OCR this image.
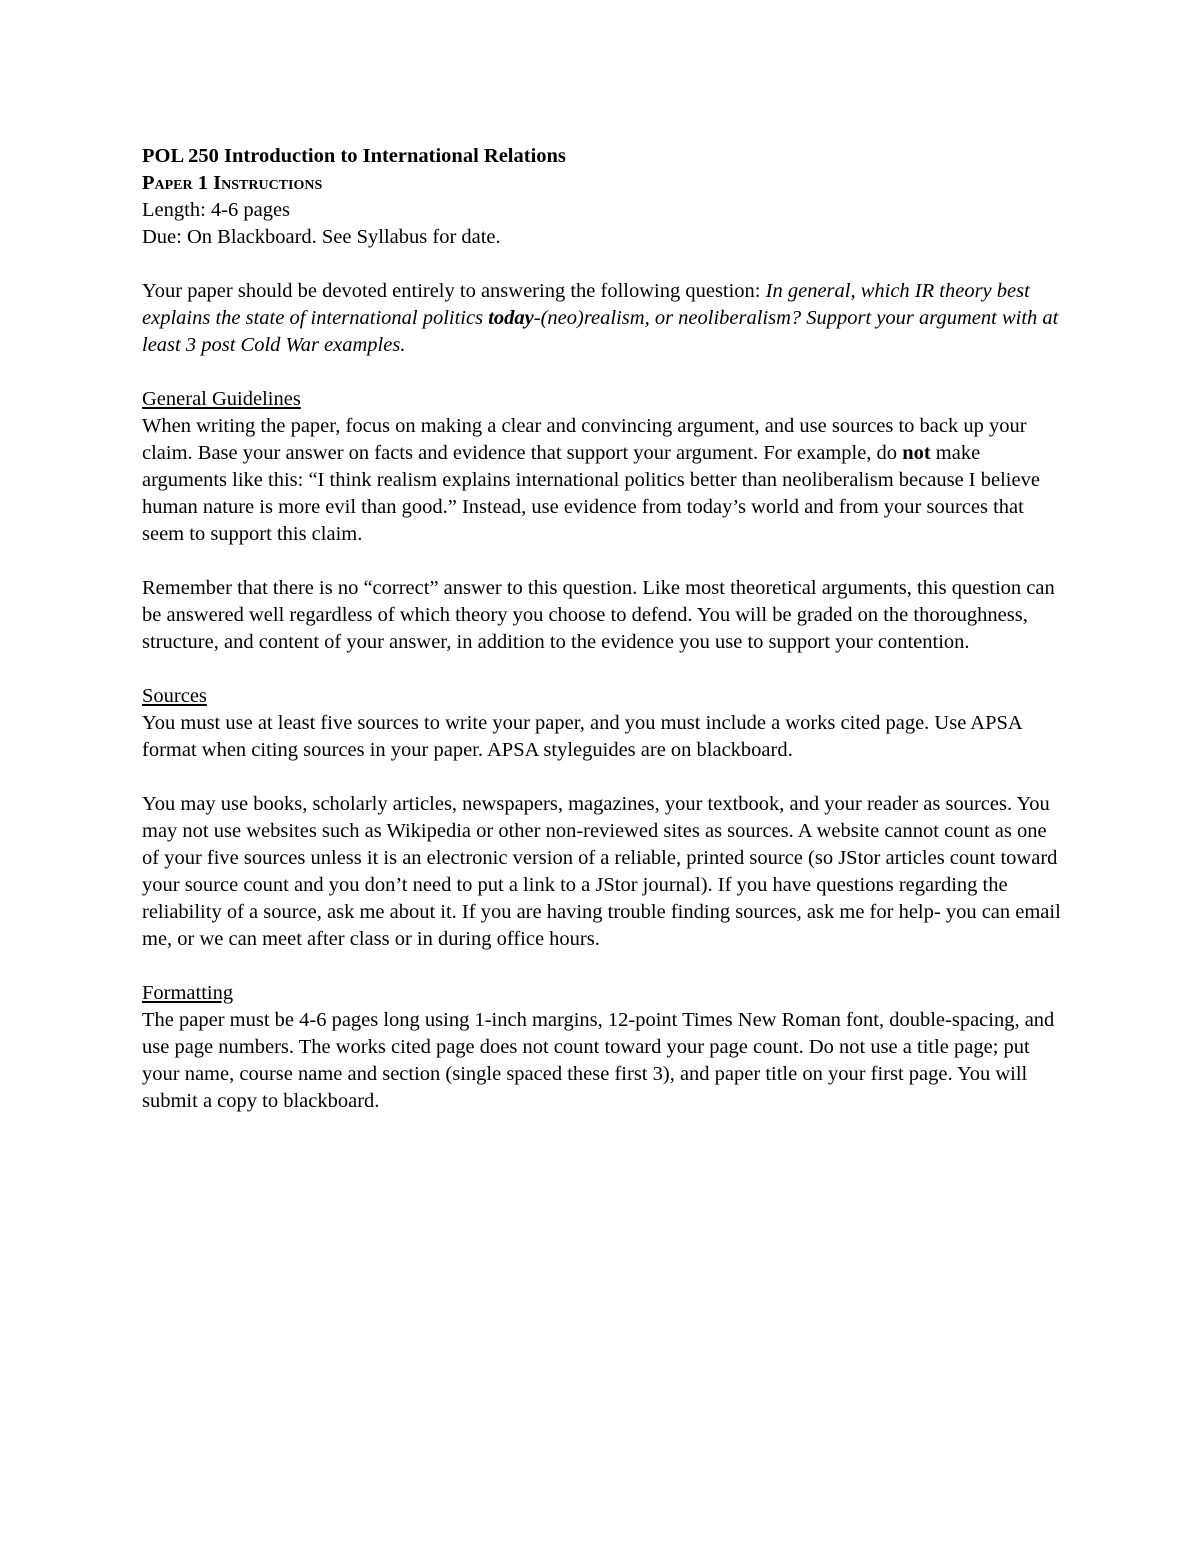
POL 250 Introduction to International Relations

Paper 1 Instructions

Length: 4-6 pages

Due: On Blackboard. See Syllabus for date.

Your paper should be devoted entirely to answering the following question: In general, which IR theory best explains the state of international politics today-(neo)realism, or neoliberalism? Support your argument with at least 3 post Cold War examples.

General Guidelines

When writing the paper, focus on making a clear and convincing argument, and use sources to back up your claim. Base your answer on facts and evidence that support your argument. For example, do not make arguments like this: “I think realism explains international politics better than neoliberalism because I believe human nature is more evil than good.” Instead, use evidence from today’s world and from your sources that seem to support this claim.

Remember that there is no “correct” answer to this question. Like most theoretical arguments, this question can be answered well regardless of which theory you choose to defend. You will be graded on the thoroughness, structure, and content of your answer, in addition to the evidence you use to support your contention.

Sources

You must use at least five sources to write your paper, and you must include a works cited page. Use APSA format when citing sources in your paper. APSA styleguides are on blackboard.

You may use books, scholarly articles, newspapers, magazines, your textbook, and your reader as sources. You may not use websites such as Wikipedia or other non-reviewed sites as sources. A website cannot count as one of your five sources unless it is an electronic version of a reliable, printed source (so JStor articles count toward your source count and you don’t need to put a link to a JStor journal). If you have questions regarding the reliability of a source, ask me about it. If you are having trouble finding sources, ask me for help- you can email me, or we can meet after class or in during office hours.

Formatting

The paper must be 4-6 pages long using 1-inch margins, 12-point Times New Roman font, double-spacing, and use page numbers. The works cited page does not count toward your page count. Do not use a title page; put your name, course name and section (single spaced these first 3), and paper title on your first page. You will submit a copy to blackboard.
